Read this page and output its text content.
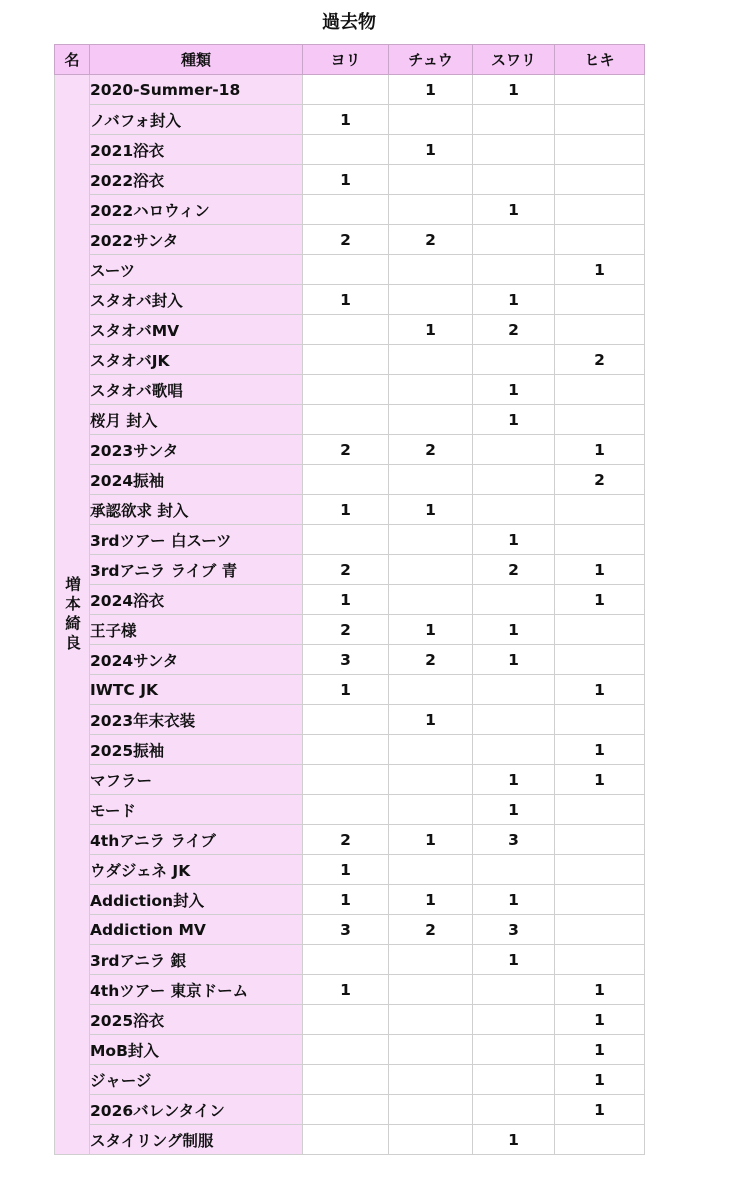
過去物
名	種類	ヨリ	チュウ	スワリ	ヒキ
増本綺良	2020-Summer-18		1	1	
	ノバフォ封入	1			
	2021浴衣		1		
	2022浴衣	1			
	2022ハロウィン			1	
	2022サンタ	2	2		
	スーツ				1
	スタオバ封入	1		1	
	スタオバMV		1	2	
	スタオバJK				2
	スタオバ歌唱			1	
	桜月 封入			1	
	2023サンタ	2	2		1
	2024振袖				2
	承認欲求 封入	1	1		
	3rdツアー 白スーツ			1	
	3rdアニラ ライブ 青	2		2	1
	2024浴衣	1			1
	王子様	2	1	1	
	2024サンタ	3	2	1	
	IWTC JK	1			1
	2023年末衣装		1		
	2025振袖				1
	マフラー			1	1
	モード			1	
	4thアニラ ライブ	2	1	3	
	ウダジェネ JK	1			
	Addiction封入	1	1	1	
	Addiction MV	3	2	3	
	3rdアニラ 銀			1	
	4thツアー 東京ドーム	1			1
	2025浴衣				1
	MoB封入				1
	ジャージ				1
	2026バレンタイン				1
	スタイリング制服			1	
